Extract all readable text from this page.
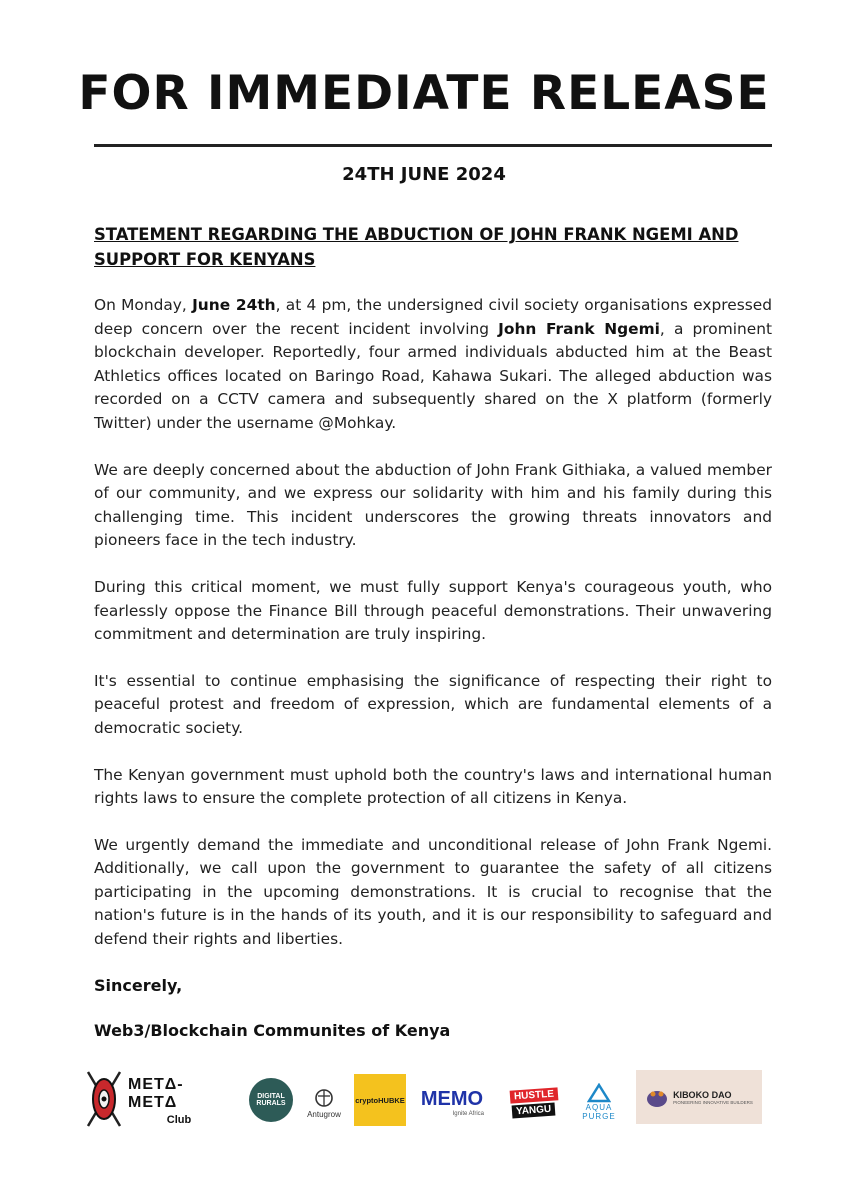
FOR IMMEDIATE RELEASE
24TH JUNE 2024
STATEMENT REGARDING THE ABDUCTION OF JOHN FRANK NGEMI AND SUPPORT FOR KENYANS

On Monday, June 24th, at 4 pm, the undersigned civil society organisations expressed deep concern over the recent incident involving John Frank Ngemi, a prominent blockchain developer. Reportedly, four armed individuals abducted him at the Beast Athletics offices located on Baringo Road, Kahawa Sukari. The alleged abduction was recorded on a CCTV camera and subsequently shared on the X platform (formerly Twitter) under the username @Mohkay.

We are deeply concerned about the abduction of John Frank Githiaka, a valued member of our community, and we express our solidarity with him and his family during this challenging time. This incident underscores the growing threats innovators and pioneers face in the tech industry.

During this critical moment, we must fully support Kenya's courageous youth, who fearlessly oppose the Finance Bill through peaceful demonstrations. Their unwavering commitment and determination are truly inspiring.

It's essential to continue emphasising the significance of respecting their right to peaceful protest and freedom of expression, which are fundamental elements of a democratic society.

The Kenyan government must uphold both the country's laws and international human rights laws to ensure the complete protection of all citizens in Kenya.

We urgently demand the immediate and unconditional release of John Frank Ngemi. Additionally, we call upon the government to guarantee the safety of all citizens participating in the upcoming demonstrations. It is crucial to recognise that the nation's future is in the hands of its youth, and it is our responsibility to safeguard and defend their rights and liberties.

Sincerely,
Web3/Blockchain Communites of Kenya
METΔ-METΔ
Club
DIGITAL
RURALS
Antugrow
cryptoHUBKE MEMO
Ignite Africa
HUSTLE
YANGU	AQUA
PURGE
KIBOKO DAO
PIONEERING INNOVATIVE BUILDERS
